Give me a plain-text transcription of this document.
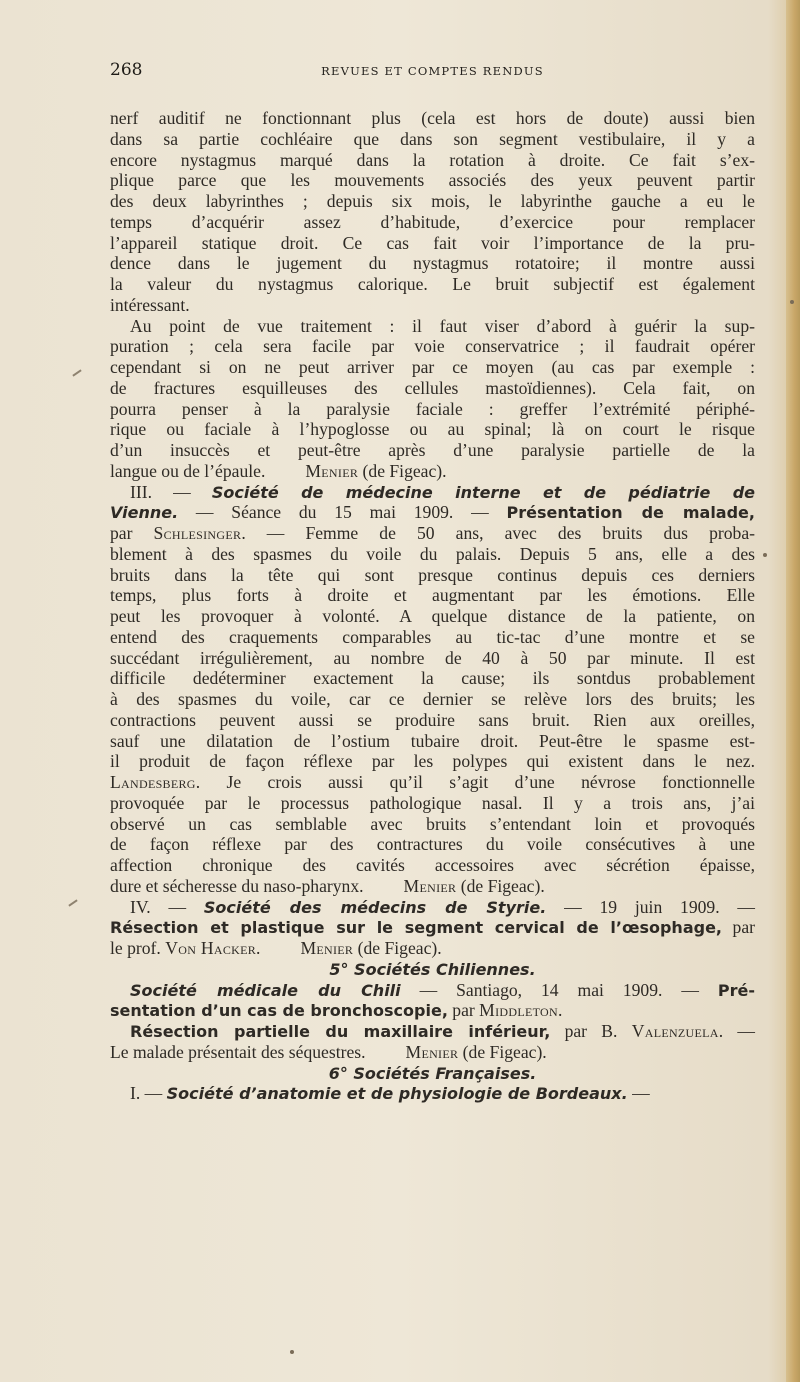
268	REVUES ET COMPTES RENDUS
nerf auditif ne fonctionnant plus (cela est hors de doute) aussi bien
dans sa partie cochléaire que dans son segment vestibulaire, il y a
encore nystagmus marqué dans la rotation à droite. Ce fait s’ex-
plique parce que les mouvements associés des yeux peuvent partir
des deux labyrinthes ; depuis six mois, le labyrinthe gauche a eu le
temps d’acquérir assez d’habitude, d’exercice pour remplacer
l’appareil statique droit. Ce cas fait voir l’importance de la pru-
dence dans le jugement du nystagmus rotatoire; il montre aussi
la valeur du nystagmus calorique. Le bruit subjectif est également
intéressant.
Au point de vue traitement : il faut viser d’abord à guérir la sup-
puration ; cela sera facile par voie conservatrice ; il faudrait opérer
cependant si on ne peut arriver par ce moyen (au cas par exemple :
de fractures esquilleuses des cellules mastoïdiennes). Cela fait, on
pourra penser à la paralysie faciale : greffer l’extrémité périphé-
rique ou faciale à l’hypoglosse ou au spinal; là on court le risque
d’un insuccès et peut-être après d’une paralysie partielle de la
langue ou de l’épaule. Menier (de Figeac).
III. — Société de médecine interne et de pédiatrie de
Vienne. — Séance du 15 mai 1909. — Présentation de malade,
par Schlesinger. — Femme de 50 ans, avec des bruits dus proba-
blement à des spasmes du voile du palais. Depuis 5 ans, elle a des
bruits dans la tête qui sont presque continus depuis ces derniers
temps, plus forts à droite et augmentant par les émotions. Elle
peut les provoquer à volonté. A quelque distance de la patiente, on
entend des craquements comparables au tic-tac d’une montre et se
succédant irrégulièrement, au nombre de 40 à 50 par minute. Il est
difficile dedéterminer exactement la cause; ils sontdus probablement
à des spasmes du voile, car ce dernier se relève lors des bruits; les
contractions peuvent aussi se produire sans bruit. Rien aux oreilles,
sauf une dilatation de l’ostium tubaire droit. Peut-être le spasme est-
il produit de façon réflexe par les polypes qui existent dans le nez.
Landesberg. Je crois aussi qu’il s’agit d’une névrose fonctionnelle
provoquée par le processus pathologique nasal. Il y a trois ans, j’ai
observé un cas semblable avec bruits s’entendant loin et provoqués
de façon réflexe par des contractures du voile consécutives à une
affection chronique des cavités accessoires avec sécrétion épaisse,
dure et sécheresse du naso-pharynx. Menier (de Figeac).
IV. — Société des médecins de Styrie. — 19 juin 1909. —
Résection et plastique sur le segment cervical de l’œsophage, par
le prof. Von Hacker. Menier (de Figeac).
5° Sociétés Chiliennes.
Société médicale du Chili — Santiago, 14 mai 1909. — Pré-
sentation d’un cas de bronchoscopie, par Middleton.
Résection partielle du maxillaire inférieur, par B. Valenzuela. —
Le malade présentait des séquestres. Menier (de Figeac).
6° Sociétés Françaises.
I. — Société d’anatomie et de physiologie de Bordeaux. —
